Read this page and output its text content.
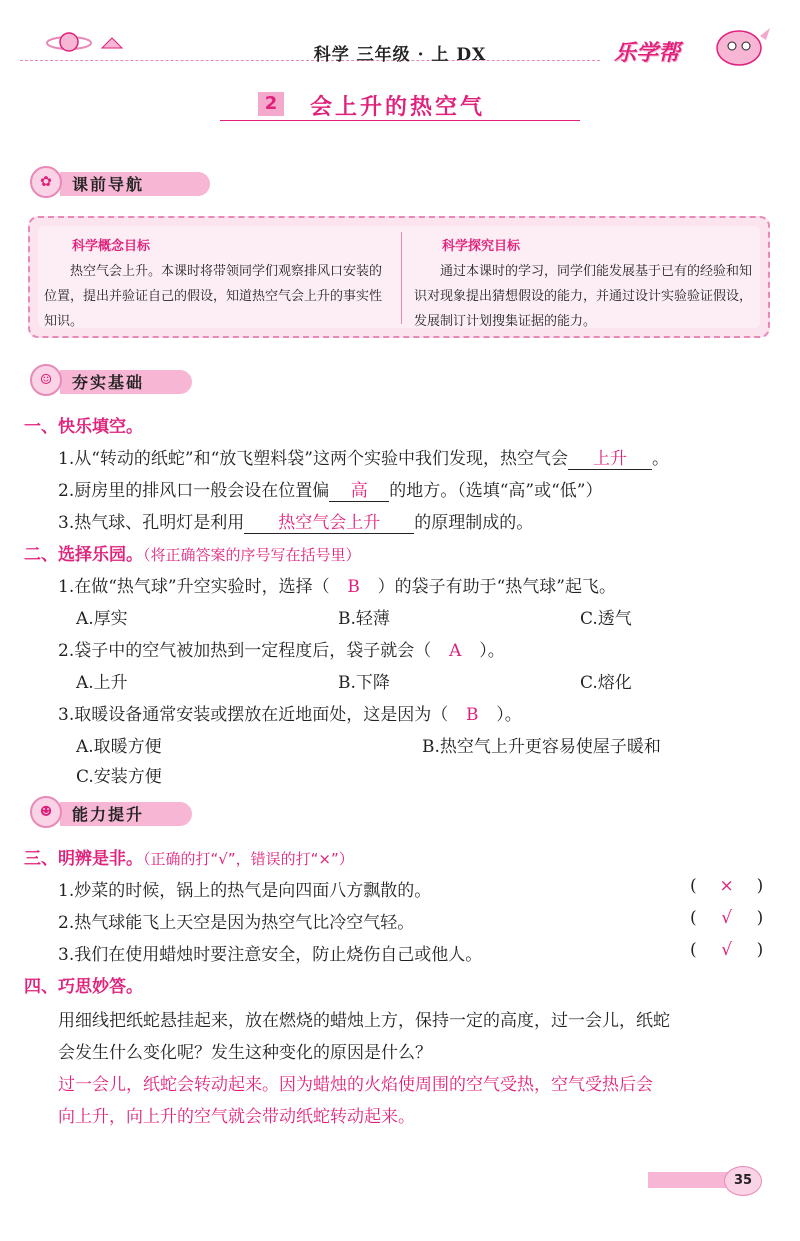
科学 三年级 · 上 DX	乐学帮
2	会上升的热空气
✿	课前导航
科学概念目标
热空气会上升。本课时将带领同学们观察排风口安装的位置，提出并验证自己的假设，知道热空气会上升的事实性知识。
科学探究目标
通过本课时的学习，同学们能发展基于已有的经验和知识对现象提出猜想假设的能力，并通过设计实验验证假设，发展制订计划搜集证据的能力。
☺	夯实基础
一、快乐填空。
1.从“转动的纸蛇”和“放飞塑料袋”这两个实验中我们发现，热空气会 上升 。
2.厨房里的排风口一般会设在位置偏 高 的地方。（选填“高”或“低”）
3.热气球、孔明灯是利用 热空气会上升 的原理制成的。
二、选择乐园。（将正确答案的序号写在括号里）
1.在做“热气球”升空实验时，选择（ B ）的袋子有助于“热气球”起飞。
A.厚实	B.轻薄	C.透气
2.袋子中的空气被加热到一定程度后，袋子就会（ A ）。
A.上升	B.下降	C.熔化
3.取暖设备通常安装或摆放在近地面处，这是因为（ B ）。
A.取暖方便	B.热空气上升更容易使屋子暖和
C.安装方便
☻	能力提升
三、明辨是非。（正确的打“√”，错误的打“×”）
1.炒菜的时候，锅上的热气是向四面八方飘散的。	( × )
2.热气球能飞上天空是因为热空气比冷空气轻。	( √ )
3.我们在使用蜡烛时要注意安全，防止烧伤自己或他人。	( √ )
四、巧思妙答。
用细线把纸蛇悬挂起来，放在燃烧的蜡烛上方，保持一定的高度，过一会儿，纸蛇
会发生什么变化呢？发生这种变化的原因是什么？
过一会儿，纸蛇会转动起来。因为蜡烛的火焰使周围的空气受热，空气受热后会
向上升，向上升的空气就会带动纸蛇转动起来。
35
